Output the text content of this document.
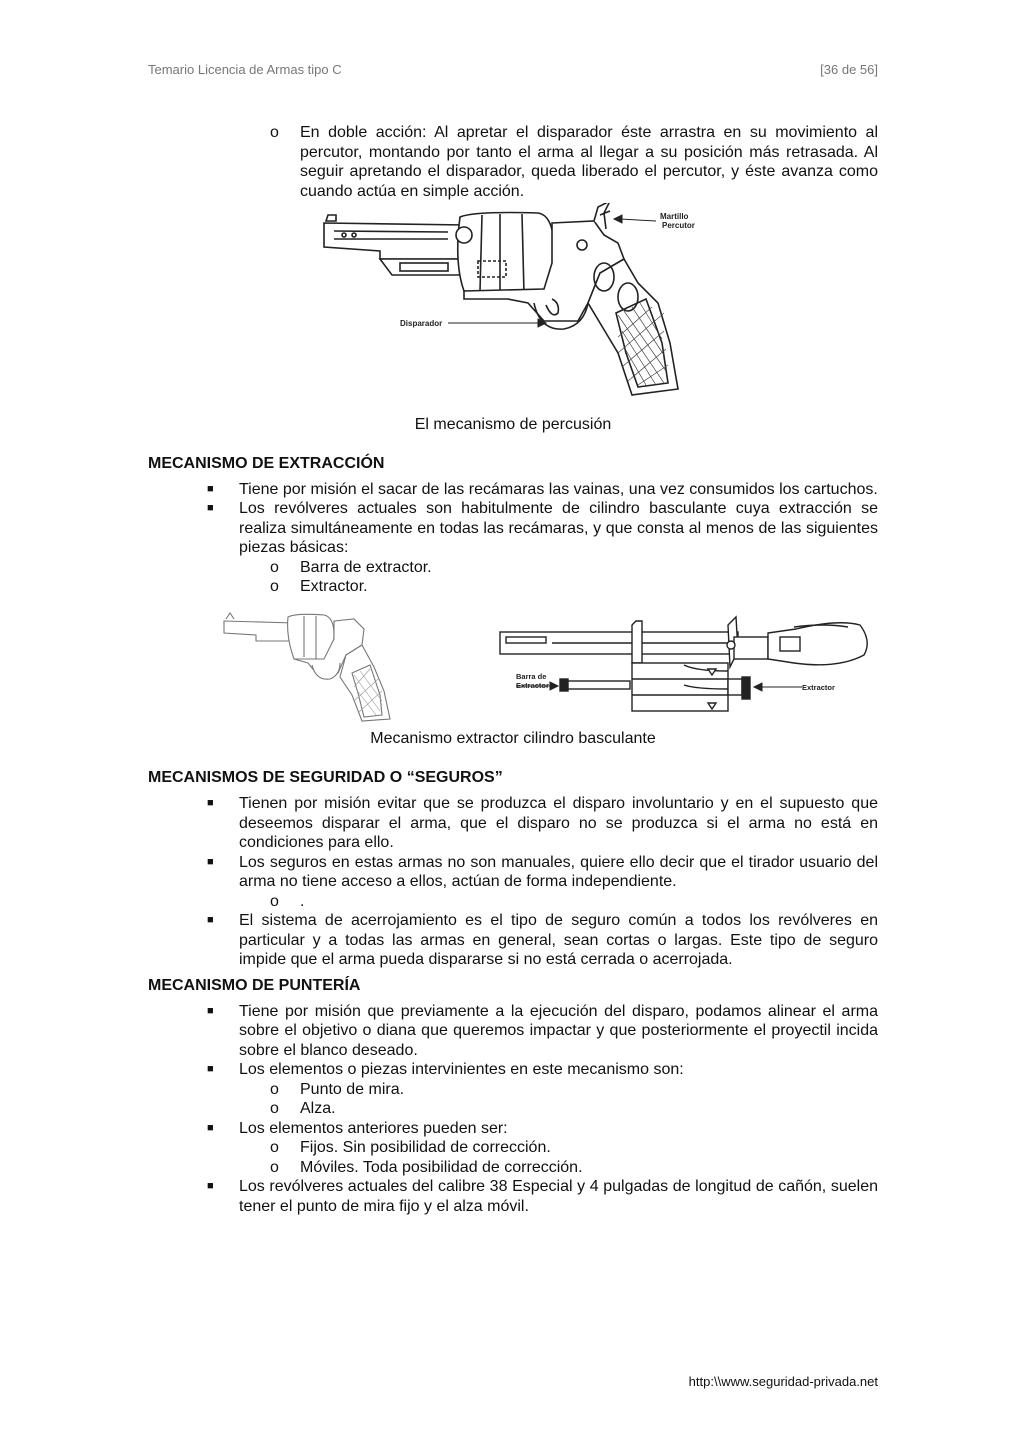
Temario Licencia de Armas tipo C	[36 de 56]
o En doble acción: Al apretar el disparador éste arrastra en su movimiento al percutor, montando por tanto el arma al llegar a su posición más retrasada. Al seguir apretando el disparador, queda liberado el percutor, y éste avanza como cuando actúa en simple acción.
Martillo
Percutor
Disparador
El mecanismo de percusión
MECANISMO DE EXTRACCIÓN
■ Tiene por misión el sacar de las recámaras las vainas, una vez consumidos los cartuchos.
■ Los revólveres actuales son habitulmente de cilindro basculante cuya extracción se realiza simultáneamente en todas las recámaras, y que consta al menos de las siguientes piezas básicas:
o Barra de extractor.
o Extractor.
Barra de
Extractor	Extractor
Mecanismo extractor cilindro basculante
MECANISMOS DE SEGURIDAD O “SEGUROS”
■ Tienen por misión evitar que se produzca el disparo involuntario y en el supuesto que deseemos disparar el arma, que el disparo no se produzca si el arma no está en condiciones para ello.
■ Los seguros en estas armas no son manuales, quiere ello decir que el tirador usuario del arma no tiene acceso a ellos, actúan de forma independiente.
o .
■ El sistema de acerrojamiento es el tipo de seguro común a todos los revólveres en particular y a todas las armas en general, sean cortas o largas. Este tipo de seguro impide que el arma pueda dispararse si no está cerrada o acerrojada.
MECANISMO DE PUNTERÍA
■ Tiene por misión que previamente a la ejecución del disparo, podamos alinear el arma sobre el objetivo o diana que queremos impactar y que posteriormente el proyectil incida sobre el blanco deseado.
■ Los elementos o piezas intervinientes en este mecanismo son:
o Punto de mira.
o Alza.
■ Los elementos anteriores pueden ser:
o Fijos. Sin posibilidad de corrección.
o Móviles. Toda posibilidad de corrección.
■ Los revólveres actuales del calibre 38 Especial y 4 pulgadas de longitud de cañón, suelen tener el punto de mira fijo y el alza móvil.
http:\\www.seguridad-privada.net
